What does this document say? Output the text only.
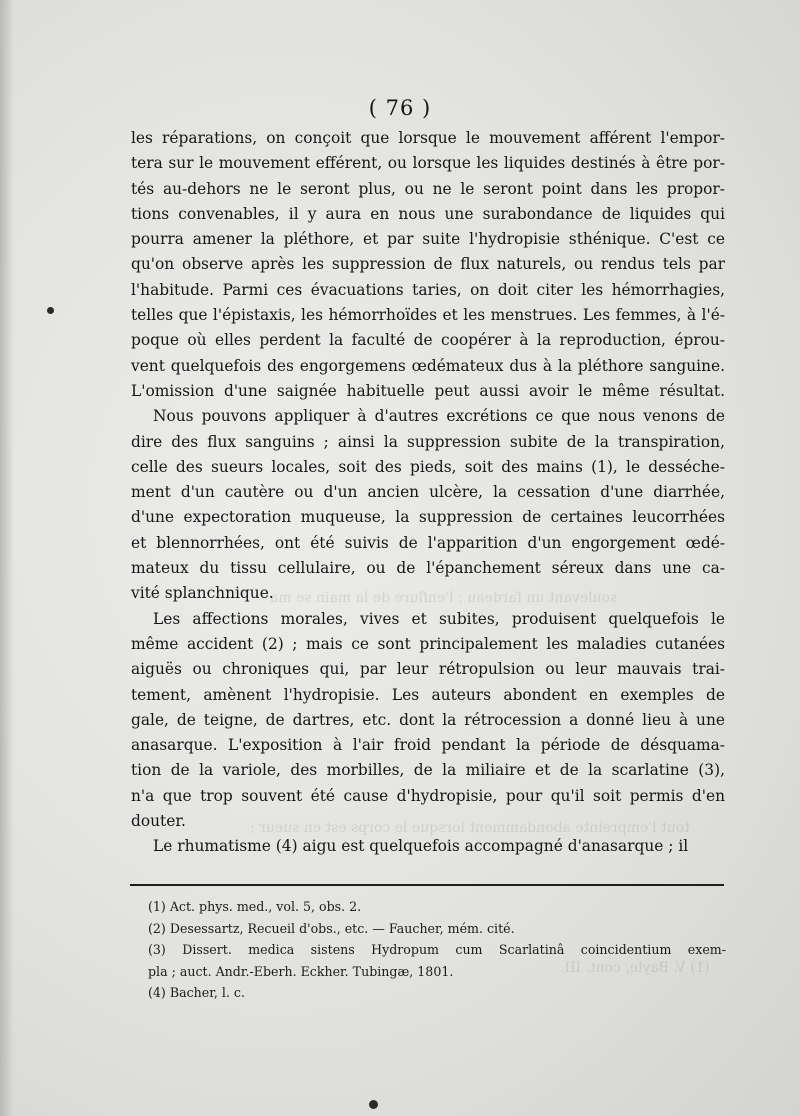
soulevant un fardeau ; l'enflure de la main se ma
tout l'empreinte abondamment lorsque le corps est en sueur ;
(1) V. Bayle, cont. III,
( 76 )
les réparations, on conçoit que lorsque le mouvement afférent l'empor-
tera sur le mouvement efférent, ou lorsque les liquides destinés à être por-
tés au-dehors ne le seront plus, ou ne le seront point dans les propor-
tions convenables, il y aura en nous une surabondance de liquides qui
pourra amener la pléthore, et par suite l'hydropisie sthénique. C'est ce
qu'on observe après les suppression de flux naturels, ou rendus tels par
l'habitude. Parmi ces évacuations taries, on doit citer les hémorrhagies,
telles que l'épistaxis, les hémorrhoïdes et les menstrues. Les femmes, à l'é-
poque où elles perdent la faculté de coopérer à la reproduction, éprou-
vent quelquefois des engorgemens œdémateux dus à la pléthore sanguine.
L'omission d'une saignée habituelle peut aussi avoir le même résultat.
Nous pouvons appliquer à d'autres excrétions ce que nous venons de
dire des flux sanguins ; ainsi la suppression subite de la transpiration,
celle des sueurs locales, soit des pieds, soit des mains (1), le desséche-
ment d'un cautère ou d'un ancien ulcère, la cessation d'une diarrhée,
d'une expectoration muqueuse, la suppression de certaines leucorrhées
et blennorrhées, ont été suivis de l'apparition d'un engorgement œdé-
mateux du tissu cellulaire, ou de l'épanchement séreux dans une ca-
vité splanchnique.
Les affections morales, vives et subites, produisent quelquefois le
même accident (2) ; mais ce sont principalement les maladies cutanées
aiguës ou chroniques qui, par leur rétropulsion ou leur mauvais trai-
tement, amènent l'hydropisie. Les auteurs abondent en exemples de
gale, de teigne, de dartres, etc. dont la rétrocession a donné lieu à une
anasarque. L'exposition à l'air froid pendant la période de désquama-
tion de la variole, des morbilles, de la miliaire et de la scarlatine (3),
n'a que trop souvent été cause d'hydropisie, pour qu'il soit permis d'en
douter.
Le rhumatisme (4) aigu est quelquefois accompagné d'anasarque ; il
(1) Act. phys. med., vol. 5, obs. 2.
(2) Desessartz, Recueil d'obs., etc. — Faucher, mém. cité.
(3) Dissert. medica sistens Hydropum cum Scarlatinâ coincidentium exem-
pla ; auct. Andr.-Eberh. Eckher. Tubingæ, 1801.
(4) Bacher, l. c.
